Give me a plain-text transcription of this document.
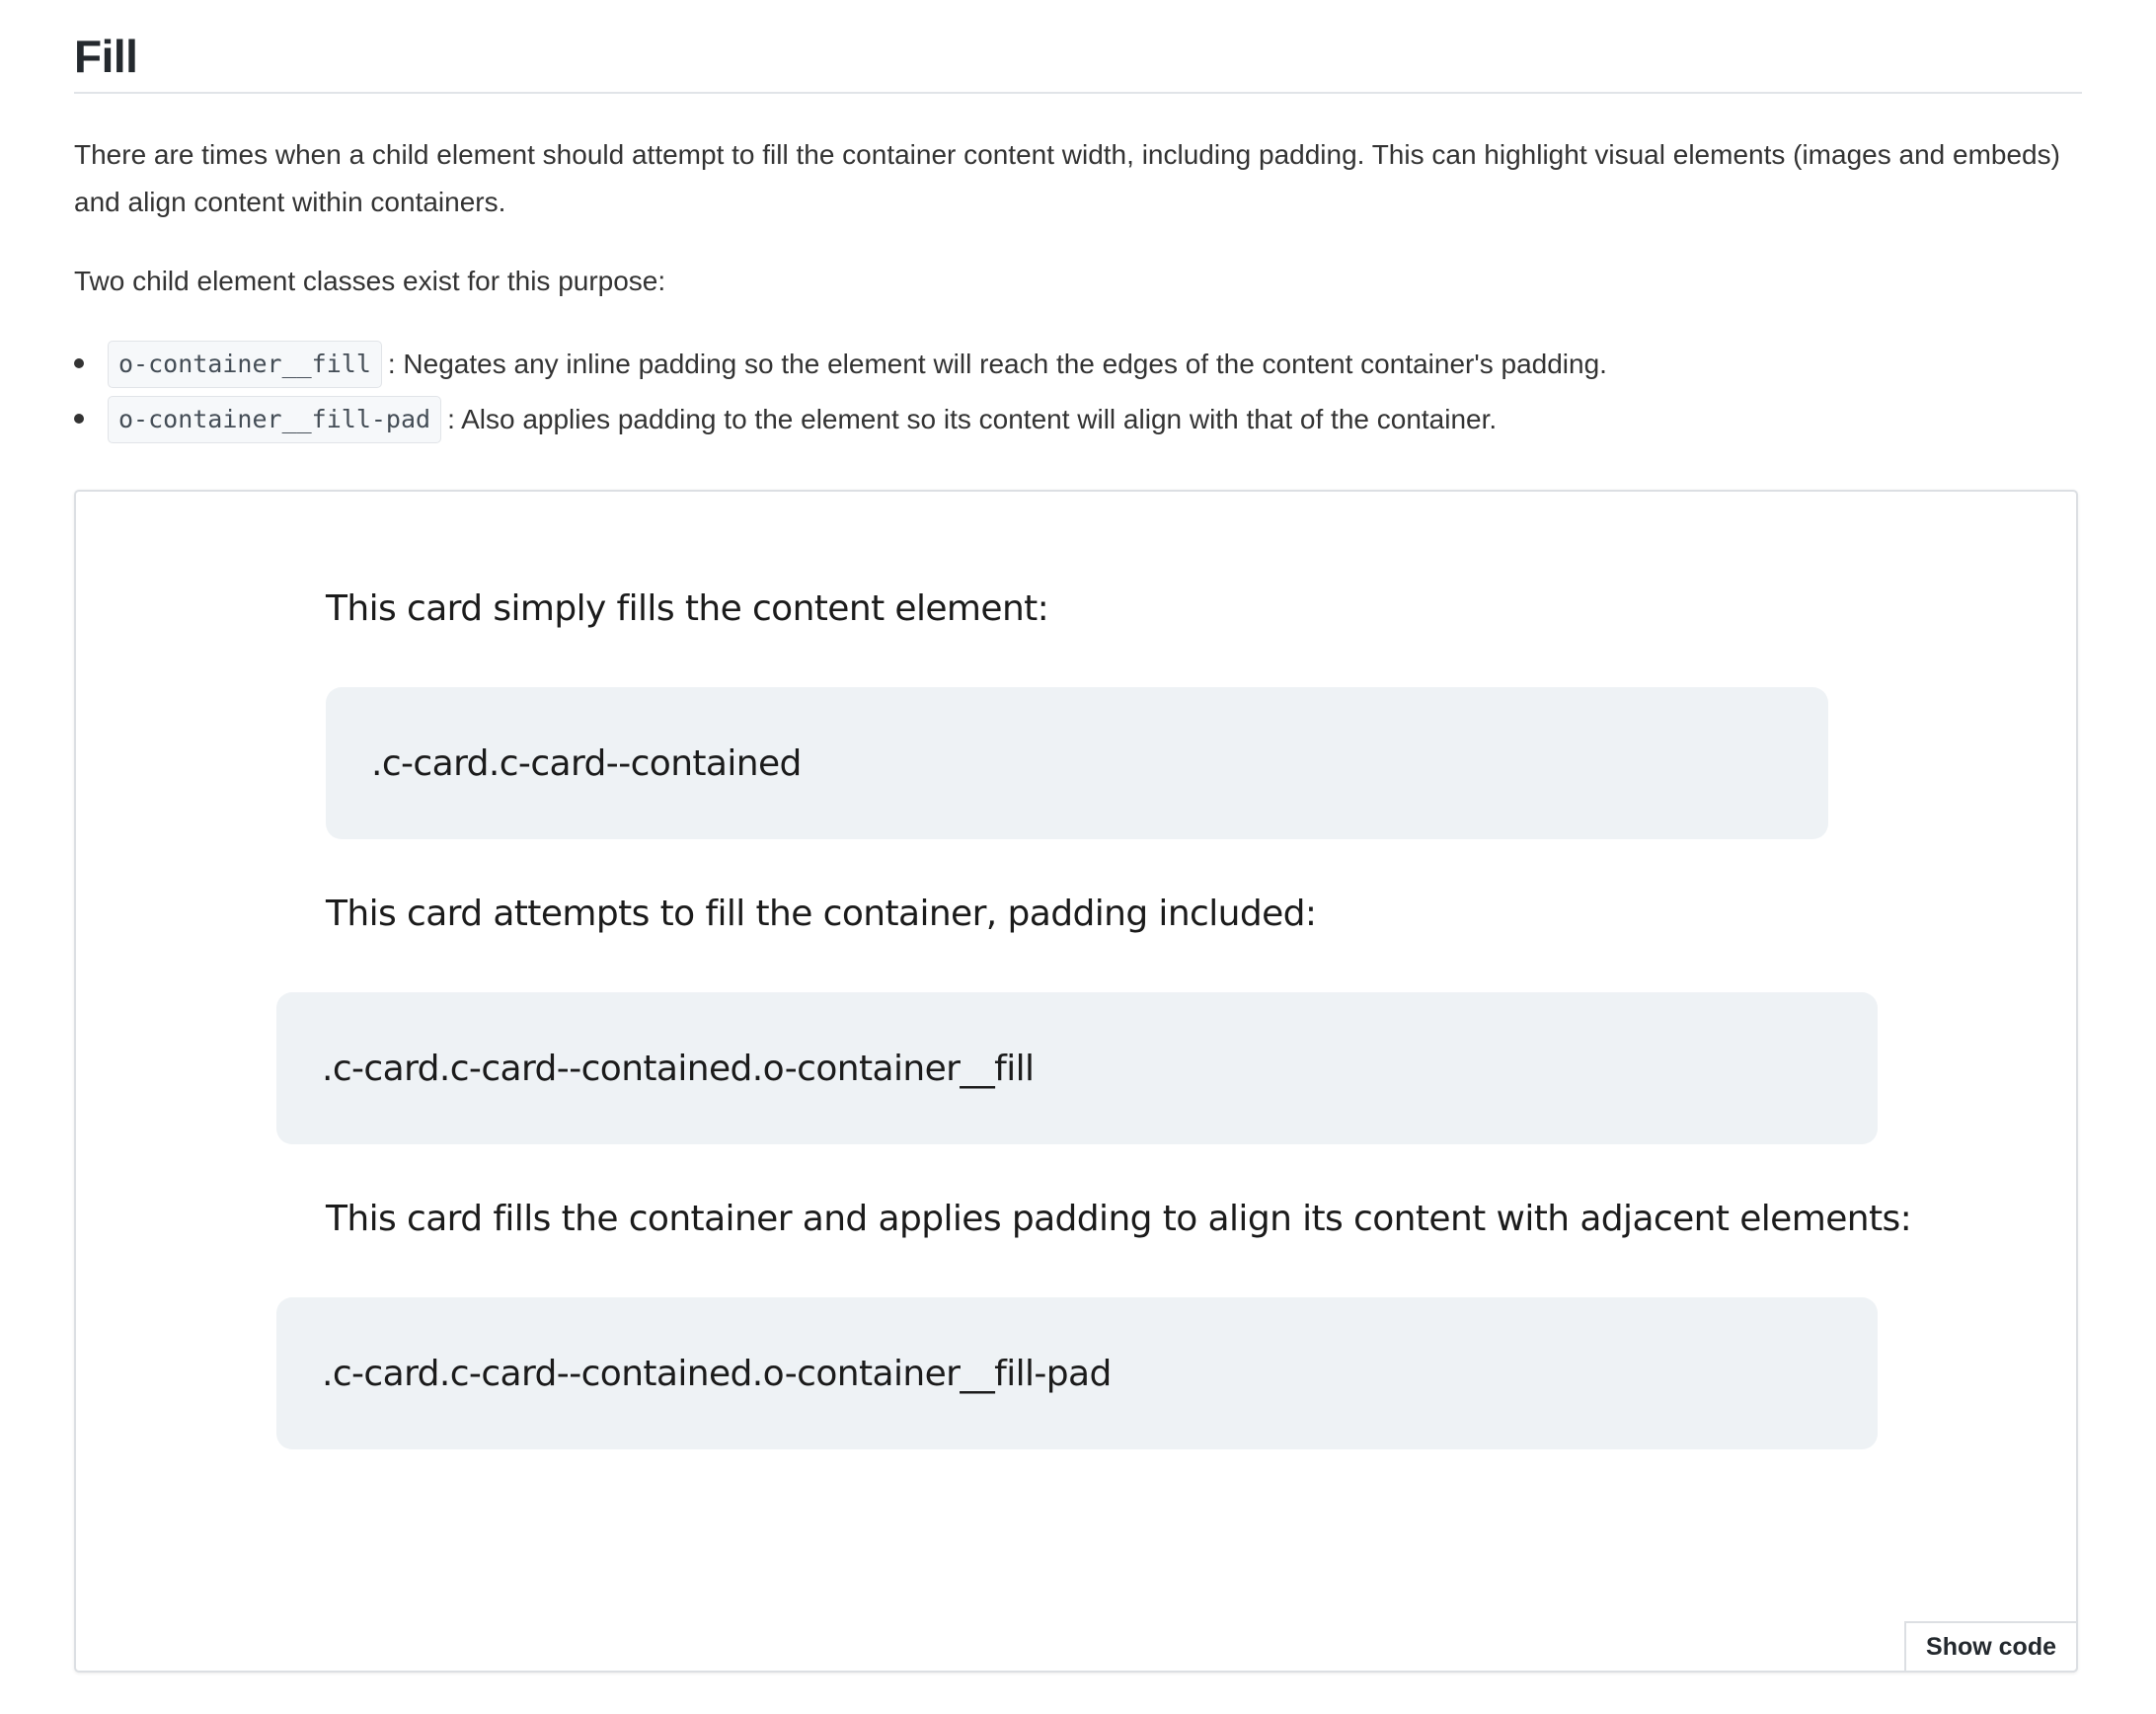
Fill

There are times when a child element should attempt to fill the container content width, including padding. This can highlight visual elements (images and embeds) and align content within containers.

Two child element classes exist for this purpose:

o-container__fill : Negates any inline padding so the element will reach the edges of the content container's padding.
o-container__fill-pad : Also applies padding to the element so its content will align with that of the container.
This card simply fills the content element:
.c-card.c-card--contained
This card attempts to fill the container, padding included:
.c-card.c-card--contained.o-container__fill
This card fills the container and applies padding to align its content with adjacent elements:
.c-card.c-card--contained.o-container__fill-pad
Show code
